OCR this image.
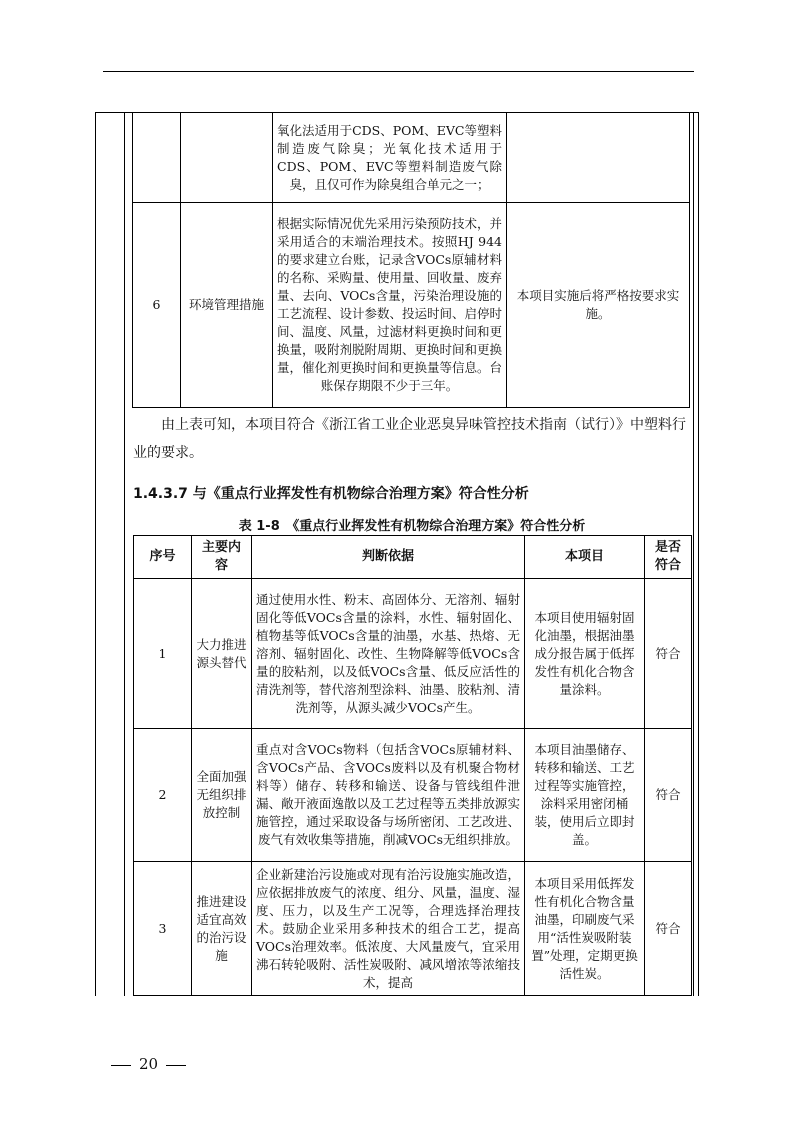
		氧化法适用于CDS、POM、EVC等塑料制造废气除臭；光氧化技术适用于CDS、POM、EVC等塑料制造废气除臭，且仅可作为除臭组合单元之一；	
6	环境管理措施	根据实际情况优先采用污染预防技术，并采用适合的末端治理技术。按照HJ 944的要求建立台账，记录含VOCs原辅材料的名称、采购量、使用量、回收量、废弃量、去向、VOCs含量，污染治理设施的工艺流程、设计参数、投运时间、启停时间、温度、风量，过滤材料更换时间和更换量，吸附剂脱附周期、更换时间和更换量，催化剂更换时间和更换量等信息。台账保存期限不少于三年。	本项目实施后将严格按要求实施。
由上表可知，本项目符合《浙江省工业企业恶臭异味管控技术指南（试行）》中塑料行业的要求。
1.4.3.7 与《重点行业挥发性有机物综合治理方案》符合性分析
表 1-8　《重点行业挥发性有机物综合治理方案》符合性分析
序号	主要内容	判断依据	本项目	是否符合
1	大力推进源头替代	通过使用水性、粉末、高固体分、无溶剂、辐射固化等低VOCs含量的涂料，水性、辐射固化、植物基等低VOCs含量的油墨，水基、热熔、无溶剂、辐射固化、改性、生物降解等低VOCs含量的胶粘剂，以及低VOCs含量、低反应活性的清洗剂等，替代溶剂型涂料、油墨、胶粘剂、清洗剂等，从源头减少VOCs产生。	本项目使用辐射固化油墨，根据油墨成分报告属于低挥发性有机化合物含量涂料。	符合
2	全面加强无组织排放控制	重点对含VOCs物料（包括含VOCs原辅材料、含VOCs产品、含VOCs废料以及有机聚合物材料等）储存、转移和输送、设备与管线组件泄漏、敞开液面逸散以及工艺过程等五类排放源实施管控，通过采取设备与场所密闭、工艺改进、废气有效收集等措施，削减VOCs无组织排放。	本项目油墨储存、转移和输送、工艺过程等实施管控，涂料采用密闭桶装，使用后立即封盖。	符合
3	推进建设适宜高效的治污设施	企业新建治污设施或对现有治污设施实施改造，应依据排放废气的浓度、组分、风量，温度、湿度、压力，以及生产工况等，合理选择治理技术。鼓励企业采用多种技术的组合工艺，提高VOCs治理效率。低浓度、大风量废气，宜采用沸石转轮吸附、活性炭吸附、减风增浓等浓缩技术，提高	本项目采用低挥发性有机化合物含量油墨，印刷废气采用“活性炭吸附装置”处理，定期更换活性炭。	符合
20
